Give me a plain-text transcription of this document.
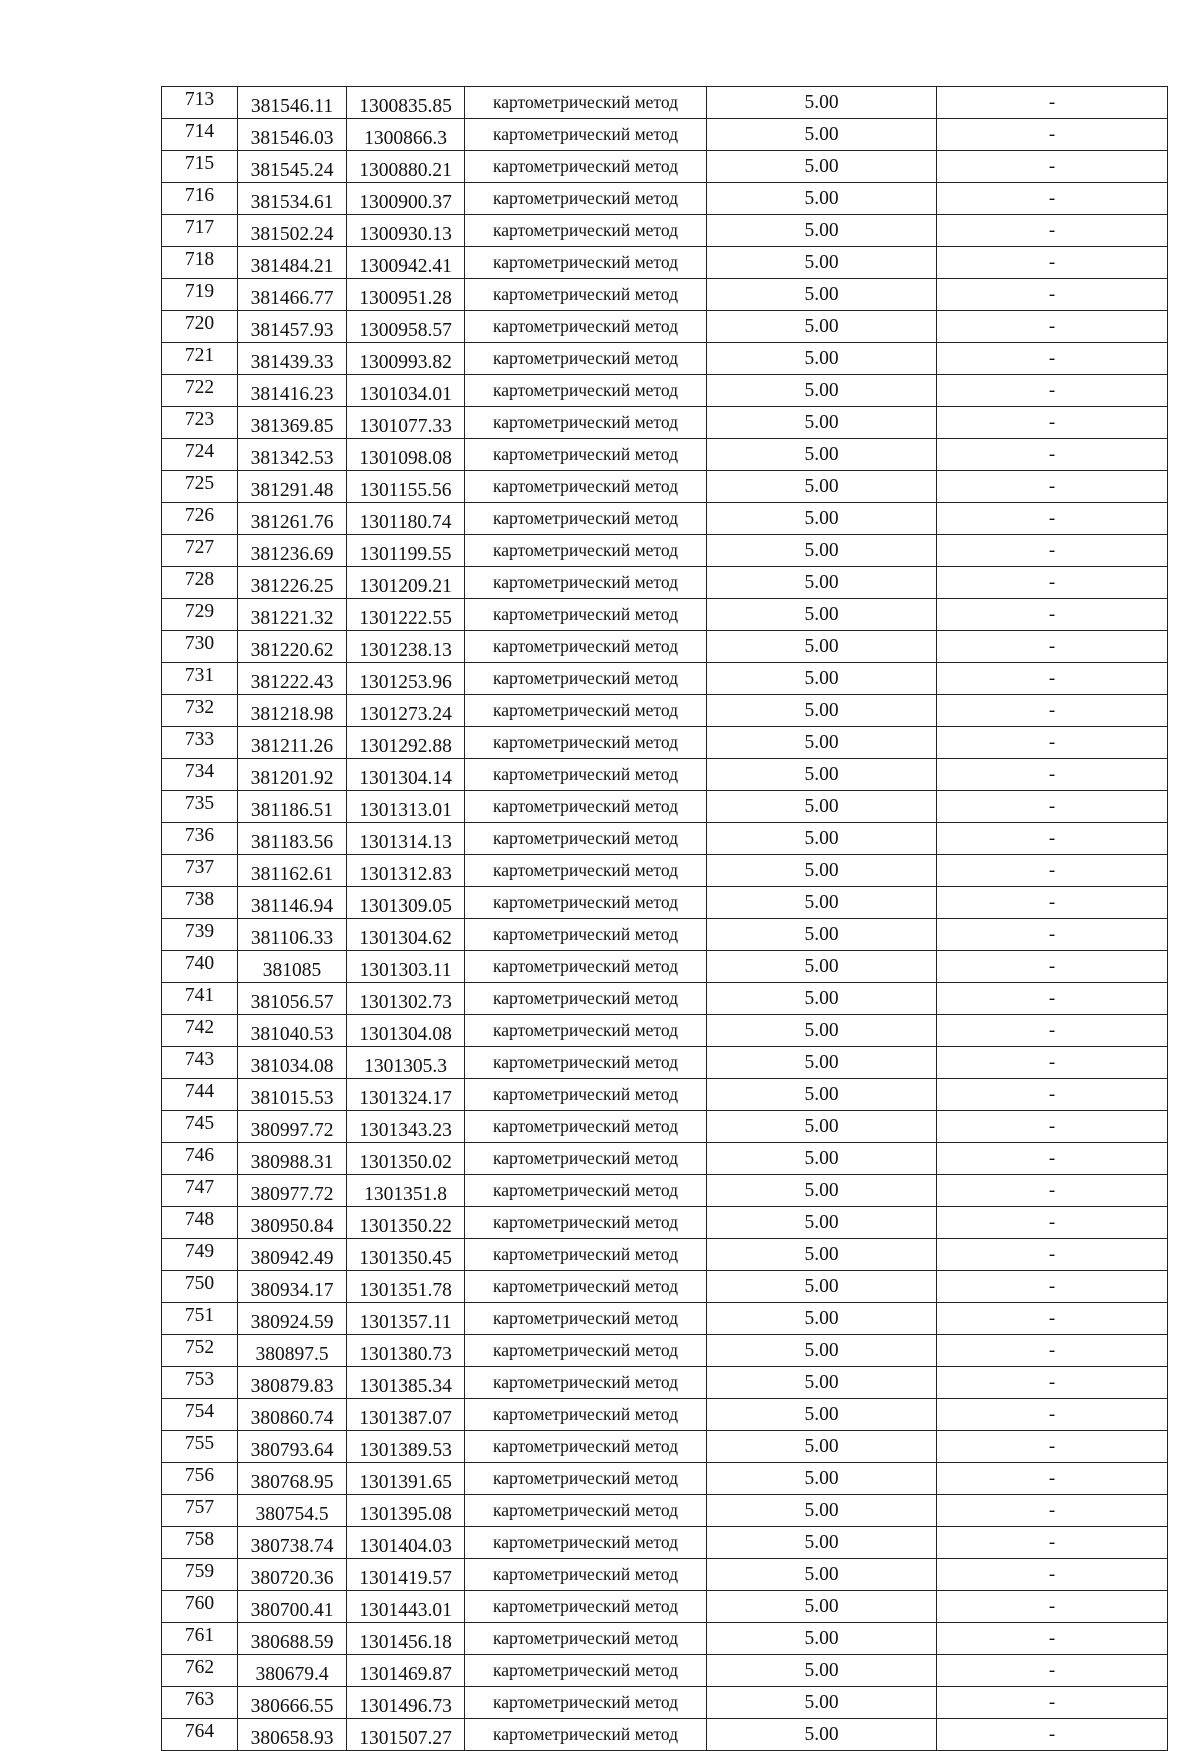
713	381546.11	1300835.85	картометрический метод	5.00	-
714	381546.03	1300866.3	картометрический метод	5.00	-
715	381545.24	1300880.21	картометрический метод	5.00	-
716	381534.61	1300900.37	картометрический метод	5.00	-
717	381502.24	1300930.13	картометрический метод	5.00	-
718	381484.21	1300942.41	картометрический метод	5.00	-
719	381466.77	1300951.28	картометрический метод	5.00	-
720	381457.93	1300958.57	картометрический метод	5.00	-
721	381439.33	1300993.82	картометрический метод	5.00	-
722	381416.23	1301034.01	картометрический метод	5.00	-
723	381369.85	1301077.33	картометрический метод	5.00	-
724	381342.53	1301098.08	картометрический метод	5.00	-
725	381291.48	1301155.56	картометрический метод	5.00	-
726	381261.76	1301180.74	картометрический метод	5.00	-
727	381236.69	1301199.55	картометрический метод	5.00	-
728	381226.25	1301209.21	картометрический метод	5.00	-
729	381221.32	1301222.55	картометрический метод	5.00	-
730	381220.62	1301238.13	картометрический метод	5.00	-
731	381222.43	1301253.96	картометрический метод	5.00	-
732	381218.98	1301273.24	картометрический метод	5.00	-
733	381211.26	1301292.88	картометрический метод	5.00	-
734	381201.92	1301304.14	картометрический метод	5.00	-
735	381186.51	1301313.01	картометрический метод	5.00	-
736	381183.56	1301314.13	картометрический метод	5.00	-
737	381162.61	1301312.83	картометрический метод	5.00	-
738	381146.94	1301309.05	картометрический метод	5.00	-
739	381106.33	1301304.62	картометрический метод	5.00	-
740	381085	1301303.11	картометрический метод	5.00	-
741	381056.57	1301302.73	картометрический метод	5.00	-
742	381040.53	1301304.08	картометрический метод	5.00	-
743	381034.08	1301305.3	картометрический метод	5.00	-
744	381015.53	1301324.17	картометрический метод	5.00	-
745	380997.72	1301343.23	картометрический метод	5.00	-
746	380988.31	1301350.02	картометрический метод	5.00	-
747	380977.72	1301351.8	картометрический метод	5.00	-
748	380950.84	1301350.22	картометрический метод	5.00	-
749	380942.49	1301350.45	картометрический метод	5.00	-
750	380934.17	1301351.78	картометрический метод	5.00	-
751	380924.59	1301357.11	картометрический метод	5.00	-
752	380897.5	1301380.73	картометрический метод	5.00	-
753	380879.83	1301385.34	картометрический метод	5.00	-
754	380860.74	1301387.07	картометрический метод	5.00	-
755	380793.64	1301389.53	картометрический метод	5.00	-
756	380768.95	1301391.65	картометрический метод	5.00	-
757	380754.5	1301395.08	картометрический метод	5.00	-
758	380738.74	1301404.03	картометрический метод	5.00	-
759	380720.36	1301419.57	картометрический метод	5.00	-
760	380700.41	1301443.01	картометрический метод	5.00	-
761	380688.59	1301456.18	картометрический метод	5.00	-
762	380679.4	1301469.87	картометрический метод	5.00	-
763	380666.55	1301496.73	картометрический метод	5.00	-
764	380658.93	1301507.27	картометрический метод	5.00	-
